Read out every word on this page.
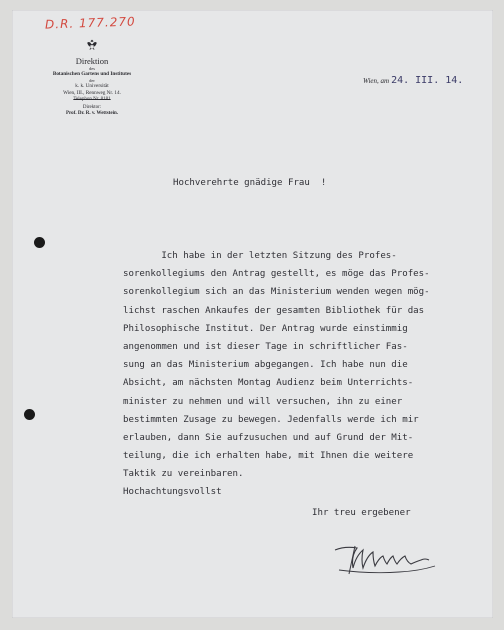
D.R. 177.270
Direktion
des
Botanischen Gartens und Institutes
der
k. k. Universität
Wien, III., Rennweg Nr. 14.
Telephon Nr. 8181
Direktor:
Prof. Dr. R. v. Wettstein.
Wien, am 24. III. 14.
Hochverehrte gnädige Frau  !
Ich habe in der letzten Sitzung des Profes-
sorenkollegiums den Antrag gestellt, es möge das Profes-
sorenkollegium sich an das Ministerium wenden wegen mög-
lichst raschen Ankaufes der gesamten Bibliothek für das
Philosophische Institut. Der Antrag wurde einstimmig
angenommen und ist dieser Tage in schriftlicher Fas-
sung an das Ministerium abgegangen. Ich habe nun die
Absicht, am nächsten Montag Audienz beim Unterrichts-
minister zu nehmen und will versuchen, ihn zu einer
bestimmten Zusage zu bewegen. Jedenfalls werde ich mir
erlauben, dann Sie aufzusuchen und auf Grund der Mit-
teilung, die ich erhalten habe, mit Ihnen die weitere
Taktik zu vereinbaren.
Hochachtungsvollst
Ihr treu ergebener
